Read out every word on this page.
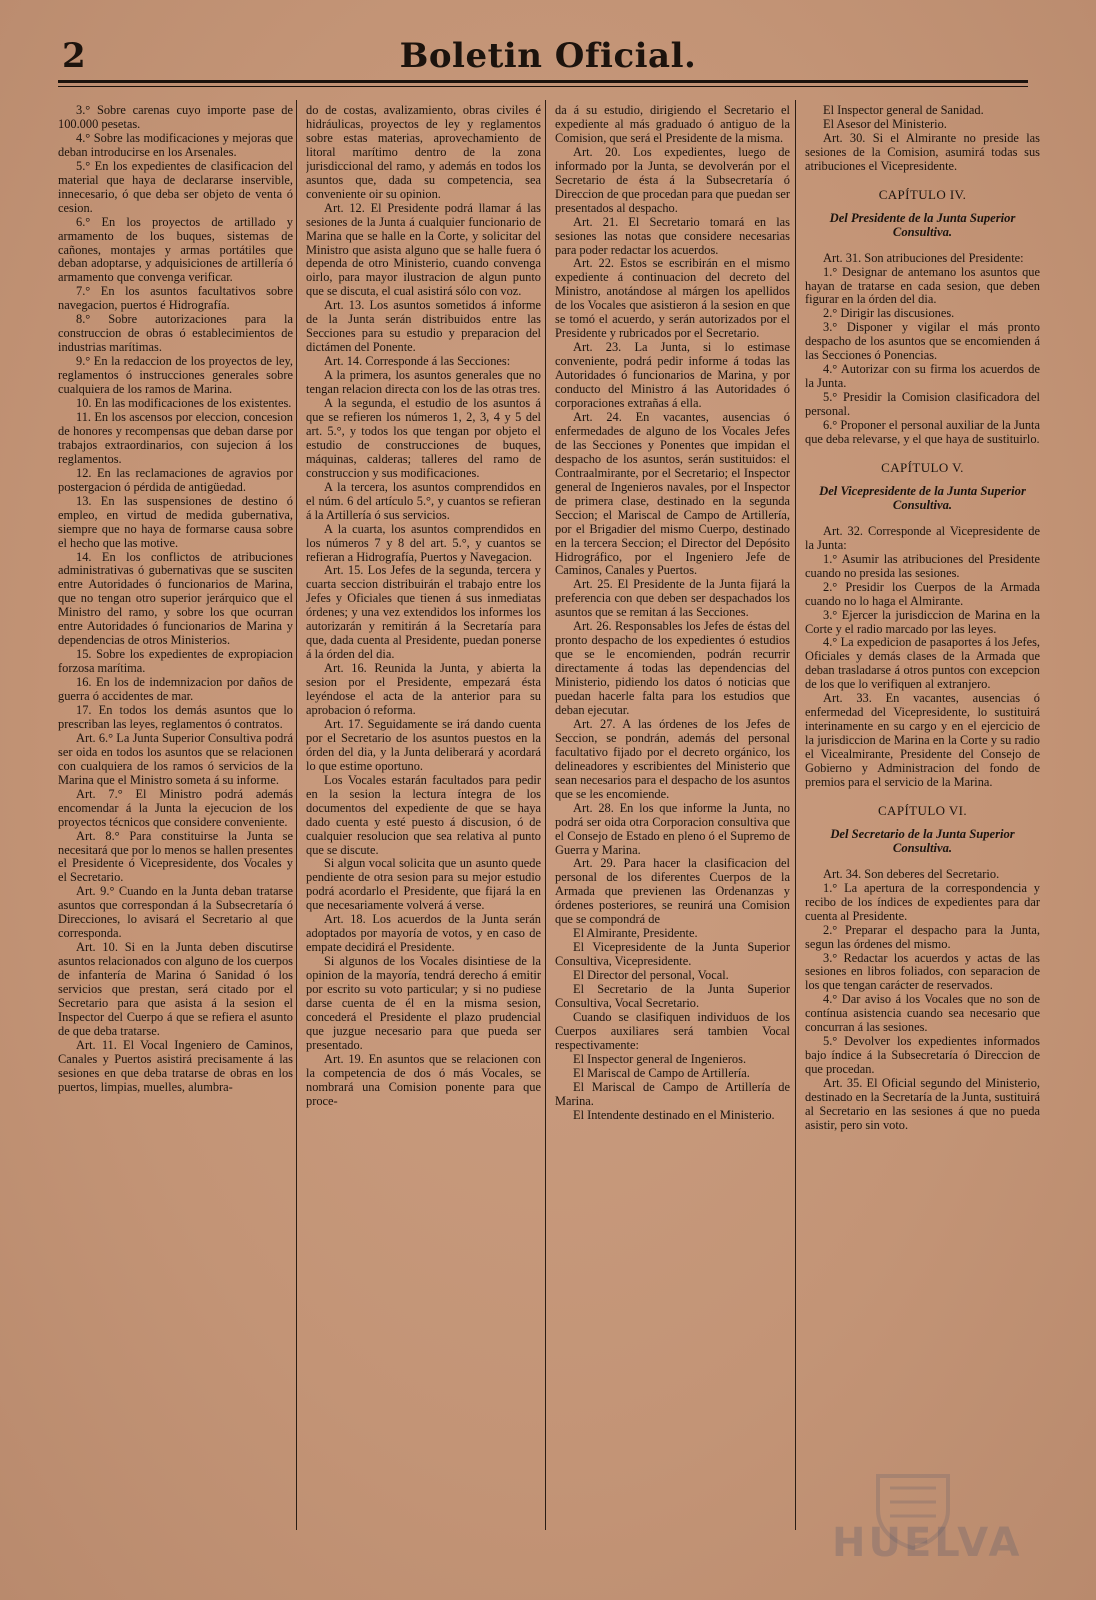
2	Boletin Oficial.

3.° Sobre carenas cuyo importe pase de 100.000 pesetas.

4.° Sobre las modificaciones y mejoras que deban introducirse en los Arsenales.

5.° En los expedientes de clasificacion del material que haya de declararse inservible, innecesario, ó que deba ser objeto de venta ó cesion.

6.° En los proyectos de artillado y armamento de los buques, sistemas de cañones, montajes y armas portátiles que deban adoptarse, y adquisiciones de artillería ó armamento que convenga verificar.

7.° En los asuntos facultativos sobre navegacion, puertos é Hidrografía.

8.° Sobre autorizaciones para la construccion de obras ó establecimientos de industrias marítimas.

9.° En la redaccion de los proyectos de ley, reglamentos ó instrucciones generales sobre cualquiera de los ramos de Marina.

10. En las modificaciones de los existentes.

11. En los ascensos por eleccion, concesion de honores y recompensas que deban darse por trabajos extraordinarios, con sujecion á los reglamentos.

12. En las reclamaciones de agravios por postergacion ó pérdida de antigüedad.

13. En las suspensiones de destino ó empleo, en virtud de medida gubernativa, siempre que no haya de formarse causa sobre el hecho que las motive.

14. En los conflictos de atribuciones administrativas ó gubernativas que se susciten entre Autoridades ó funcionarios de Marina, que no tengan otro superior jerárquico que el Ministro del ramo, y sobre los que ocurran entre Autoridades ó funcionarios de Marina y dependencias de otros Ministerios.

15. Sobre los expedientes de expropiacion forzosa marítima.

16. En los de indemnizacion por daños de guerra ó accidentes de mar.

17. En todos los demás asuntos que lo prescriban las leyes, reglamentos ó contratos.

Art. 6.° La Junta Superior Consultiva podrá ser oida en todos los asuntos que se relacionen con cualquiera de los ramos ó servicios de la Marina que el Ministro someta á su informe.

Art. 7.° El Ministro podrá además encomendar á la Junta la ejecucion de los proyectos técnicos que considere conveniente.

Art. 8.° Para constituirse la Junta se necesitará que por lo menos se hallen presentes el Presidente ó Vicepresidente, dos Vocales y el Secretario.

Art. 9.° Cuando en la Junta deban tratarse asuntos que correspondan á la Subsecretaría ó Direcciones, lo avisará el Secretario al que corresponda.

Art. 10. Si en la Junta deben discutirse asuntos relacionados con alguno de los cuerpos de infantería de Marina ó Sanidad ó los servicios que prestan, será citado por el Secretario para que asista á la sesion el Inspector del Cuerpo á que se refiera el asunto de que deba tratarse.

Art. 11. El Vocal Ingeniero de Caminos, Canales y Puertos asistirá precisamente á las sesiones en que deba tratarse de obras en los puertos, limpias, muelles, alumbra-

do de costas, avalizamiento, obras civiles é hidráulicas, proyectos de ley y reglamentos sobre estas materias, aprovechamiento de litoral marítimo dentro de la zona jurisdiccional del ramo, y además en todos los asuntos que, dada su competencia, sea conveniente oir su opinion.

Art. 12. El Presidente podrá llamar á las sesiones de la Junta á cualquier funcionario de Marina que se halle en la Corte, y solicitar del Ministro que asista alguno que se halle fuera ó dependa de otro Ministerio, cuando convenga oirlo, para mayor ilustracion de algun punto que se discuta, el cual asistirá sólo con voz.

Art. 13. Los asuntos sometidos á informe de la Junta serán distribuidos entre las Secciones para su estudio y preparacion del dictámen del Ponente.

Art. 14. Corresponde á las Secciones:

A la primera, los asuntos generales que no tengan relacion directa con los de las otras tres.

A la segunda, el estudio de los asuntos á que se refieren los números 1, 2, 3, 4 y 5 del art. 5.°, y todos los que tengan por objeto el estudio de construcciones de buques, máquinas, calderas; talleres del ramo de construccion y sus modificaciones.

A la tercera, los asuntos comprendidos en el núm. 6 del artículo 5.°, y cuantos se refieran á la Artillería ó sus servicios.

A la cuarta, los asuntos comprendidos en los números 7 y 8 del art. 5.°, y cuantos se refieran a Hidrografía, Puertos y Navegacion.

Art. 15. Los Jefes de la segunda, tercera y cuarta seccion distribuirán el trabajo entre los Jefes y Oficiales que tienen á sus inmediatas órdenes; y una vez extendidos los informes los autorizarán y remitirán á la Secretaría para que, dada cuenta al Presidente, puedan ponerse á la órden del dia.

Art. 16. Reunida la Junta, y abierta la sesion por el Presidente, empezará ésta leyéndose el acta de la anterior para su aprobacion ó reforma.

Art. 17. Seguidamente se irá dando cuenta por el Secretario de los asuntos puestos en la órden del dia, y la Junta deliberará y acordará lo que estime oportuno.

Los Vocales estarán facultados para pedir en la sesion la lectura íntegra de los documentos del expediente de que se haya dado cuenta y esté puesto á discusion, ó de cualquier resolucion que sea relativa al punto que se discute.

Si algun vocal solicita que un asunto quede pendiente de otra sesion para su mejor estudio podrá acordarlo el Presidente, que fijará la en que necesariamente volverá á verse.

Art. 18. Los acuerdos de la Junta serán adoptados por mayoría de votos, y en caso de empate decidirá el Presidente.

Si algunos de los Vocales disintiese de la opinion de la mayoría, tendrá derecho á emitir por escrito su voto particular; y si no pudiese darse cuenta de él en la misma sesion, concederá el Presidente el plazo prudencial que juzgue necesario para que pueda ser presentado.

Art. 19. En asuntos que se relacionen con la competencia de dos ó más Vocales, se nombrará una Comision ponente para que proce-

da á su estudio, dirigiendo el Secretario el expediente al más graduado ó antiguo de la Comision, que será el Presidente de la misma.

Art. 20. Los expedientes, luego de informado por la Junta, se devolverán por el Secretario de ésta á la Subsecretaría ó Direccion de que procedan para que puedan ser presentados al despacho.

Art. 21. El Secretario tomará en las sesiones las notas que considere necesarias para poder redactar los acuerdos.

Art. 22. Estos se escribirán en el mismo expediente á continuacion del decreto del Ministro, anotándose al márgen los apellidos de los Vocales que asistieron á la sesion en que se tomó el acuerdo, y serán autorizados por el Presidente y rubricados por el Secretario.

Art. 23. La Junta, si lo estimase conveniente, podrá pedir informe á todas las Autoridades ó funcionarios de Marina, y por conducto del Ministro á las Autoridades ó corporaciones extrañas á ella.

Art. 24. En vacantes, ausencias ó enfermedades de alguno de los Vocales Jefes de las Secciones y Ponentes que impidan el despacho de los asuntos, serán sustituidos: el Contraalmirante, por el Secretario; el Inspector general de Ingenieros navales, por el Inspector de primera clase, destinado en la segunda Seccion; el Mariscal de Campo de Artillería, por el Brigadier del mismo Cuerpo, destinado en la tercera Seccion; el Director del Depósito Hidrográfico, por el Ingeniero Jefe de Caminos, Canales y Puertos.

Art. 25. El Presidente de la Junta fijará la preferencia con que deben ser despachados los asuntos que se remitan á las Secciones.

Art. 26. Responsables los Jefes de éstas del pronto despacho de los expedientes ó estudios que se le encomienden, podrán recurrir directamente á todas las dependencias del Ministerio, pidiendo los datos ó noticias que puedan hacerle falta para los estudios que deban ejecutar.

Art. 27. A las órdenes de los Jefes de Seccion, se pondrán, además del personal facultativo fijado por el decreto orgánico, los delineadores y escribientes del Ministerio que sean necesarios para el despacho de los asuntos que se les encomiende.

Art. 28. En los que informe la Junta, no podrá ser oida otra Corporacion consultiva que el Consejo de Estado en pleno ó el Supremo de Guerra y Marina.

Art. 29. Para hacer la clasificacion del personal de los diferentes Cuerpos de la Armada que previenen las Ordenanzas y órdenes posteriores, se reunirá una Comision que se compondrá de

El Almirante, Presidente.

El Vicepresidente de la Junta Superior Consultiva, Vicepresidente.

El Director del personal, Vocal.

El Secretario de la Junta Superior Consultiva, Vocal Secretario.

Cuando se clasifiquen individuos de los Cuerpos auxiliares será tambien Vocal respectivamente:

El Inspector general de Ingenieros.

El Mariscal de Campo de Artillería.

El Mariscal de Campo de Artillería de Marina.

El Intendente destinado en el Ministerio.

El Inspector general de Sanidad.

El Asesor del Ministerio.

Art. 30. Si el Almirante no preside las sesiones de la Comision, asumirá todas sus atribuciones el Vicepresidente.

CAPÍTULO IV.

Del Presidente de la Junta Superior Consultiva.

Art. 31. Son atribuciones del Presidente:

1.° Designar de antemano los asuntos que hayan de tratarse en cada sesion, que deben figurar en la órden del dia.

2.° Dirigir las discusiones.

3.° Disponer y vigilar el más pronto despacho de los asuntos que se encomienden á las Secciones ó Ponencias.

4.° Autorizar con su firma los acuerdos de la Junta.

5.° Presidir la Comision clasificadora del personal.

6.° Proponer el personal auxiliar de la Junta que deba relevarse, y el que haya de sustituirlo.

CAPÍTULO V.

Del Vicepresidente de la Junta Superior Consultiva.

Art. 32. Corresponde al Vicepresidente de la Junta:

1.° Asumir las atribuciones del Presidente cuando no presida las sesiones.

2.° Presidir los Cuerpos de la Armada cuando no lo haga el Almirante.

3.° Ejercer la jurisdiccion de Marina en la Corte y el radio marcado por las leyes.

4.° La expedicion de pasaportes á los Jefes, Oficiales y demás clases de la Armada que deban trasladarse á otros puntos con excepcion de los que lo verifiquen al extranjero.

Art. 33. En vacantes, ausencias ó enfermedad del Vicepresidente, lo sustituirá interinamente en su cargo y en el ejercicio de la jurisdiccion de Marina en la Corte y su radio el Vicealmirante, Presidente del Consejo de Gobierno y Administracion del fondo de premios para el servicio de la Marina.

CAPÍTULO VI.

Del Secretario de la Junta Superior Consultiva.

Art. 34. Son deberes del Secretario.

1.° La apertura de la correspondencia y recibo de los índices de expedientes para dar cuenta al Presidente.

2.° Preparar el despacho para la Junta, segun las órdenes del mismo.

3.° Redactar los acuerdos y actas de las sesiones en libros foliados, con separacion de los que tengan carácter de reservados.

4.° Dar aviso á los Vocales que no son de contínua asistencia cuando sea necesario que concurran á las sesiones.

5.° Devolver los expedientes informados bajo índice á la Subsecretaría ó Direccion de que procedan.

Art. 35. El Oficial segundo del Ministerio, destinado en la Secretaría de la Junta, sustituirá al Secretario en las sesiones á que no pueda asistir, pero sin voto.

HUELVA
